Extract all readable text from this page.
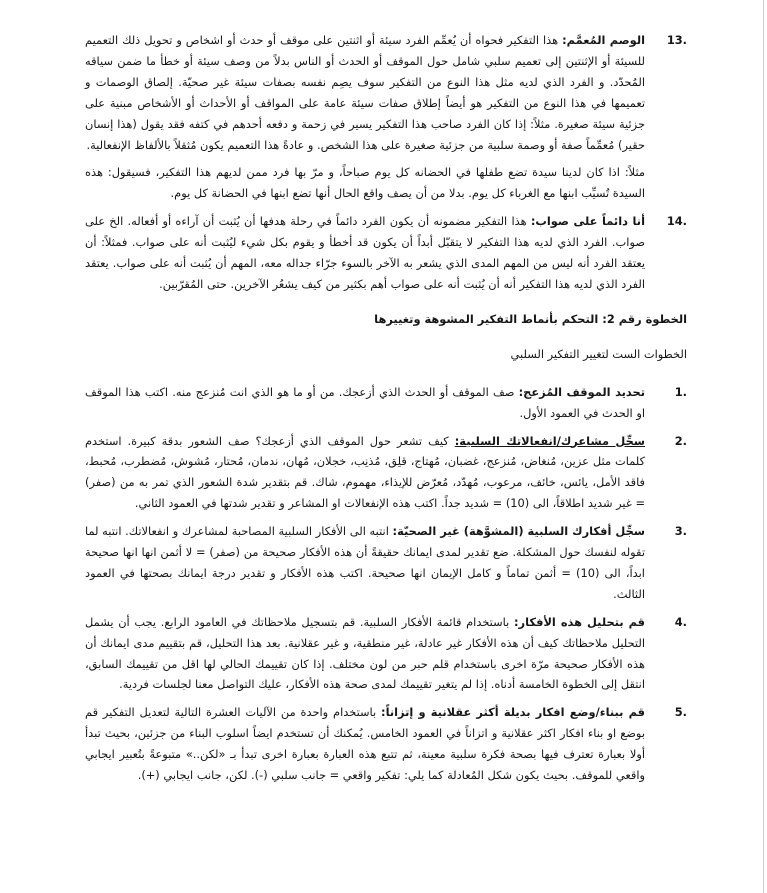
13.
الوصم المُعمَّم: هذا التفكير فحواه أن يُعمِّم الفرد سيئة أو اثنتين على موقف أو حدث أو اشخاص و تحويل ذلك التعميم للسيئة أو الإثنتين إلى تعميم سلبي شامل حول الموقف أو الحدث أو الناس بدلاً من وصف سيئة أو خطأ ما ضمن سياقه المُحدّد. و الفرد الذي لديه مثل هذا النوع من التفكير سوف يصِم نفسه بصفات سيئة غير صحيّة. إلصاق الوصمات و تعميمها في هذا النوع من التفكير هو أيضاً إطلاق صفات سيئة عامة على المواقف أو الأحداث أو الأشخاص مبنية على جزئية سيئة صغيرة. مثلاً: إذا كان الفرد صاحب هذا التفكير يسير في زحمة و دفعه أحدهم في كتفه فقد يقول (هذا إنسان حقير) مُعمِّماً صفة أو وصمة سلبية من جزئية صغيرة على هذا الشخص. و عادةً هذا التعميم يكون مُثقلاً بالألفاظ الإنفعالية.
مثلاً: اذا كان لدينا سيدة تضع طفلها في الحضانه كل يوم صباحاً، و مرّ بها فرد ممن لديهم هذا التفكير، فسيقول: هذه السيدة تُسيِّب ابنها مع الغرباء كل يوم. بدلا من أن يصف واقع الحال أنها تضع ابنها في الحضانة كل يوم.
14.
أنا دائماً على صواب: هذا التفكير مضمونه أن يكون الفرد دائماً في رحلة هدفها أن يُثبت أن آراءه أو أفعاله. الخ على صواب. الفرد الذي لديه هذا التفكير لا يتقبّل أبداً أن يكون قد أخطأ و يقوم بكل شيء ليُثبت أنه على صواب. فمثلاً: أن يعتقد الفرد أنه ليس من المهم المدى الذي يشعر به الآخر بالسوء جرّاء جداله معه، المهم أن يُثبت أنه على صواب. يعتقد الفرد الذي لديه هذا التفكير أنه أن يُثبت أنه على صواب أهم بكثير من كيف يشعُر الآخرين. حتى المُقرّبين.
الخطوة رقم 2: التحكم بأنماط التفكير المشوهة وتغييرها
الخطوات الست لتغيير التفكير السلبي
1.
تحديد الموقف المُزعج: صف الموقف أو الحدث الذي أزعجك. من أو ما هو الذي انت مُنزعج منه. اكتب هذا الموقف او الحدث في العمود الأول.
2.
سجِّل مشاعرك/انفعالاتك السلبية: كيف تشعر حول الموقف الذي أزعجك؟ صف الشعور بدقة كبيرة. استخدم كلمات مثل عزين، مُنغاض، مُنزعج، غضبان، مُهتاج، قلِق، مُذنِب، خجلان، مُهان، ندمان، مُحتار، مُشوش، مُضطرب، مُحبط، فاقد الأمل، يائس، خائف، مرعوب، مُهدّد، مُعرّض للإيذاء، مهموم، شاك. قم بتقدير شدة الشعور الذي تمر به من (صفر) = غير شديد اطلاقاً، الى (10) = شديد جداً. اكتب هذه الإنفعالات او المشاعر و تقدير شدتها في العمود الثاني.
3.
سجِّل أفكارك السلبية (المشوَّهة) غير الصحيّة: انتبه الى الأفكار السلبية المصاحبة لمشاعرك و انفعالاتك. انتبه لما تقوله لنفسك حول المشكلة. ضع تقدير لمدى ايمانك حقيقةً أن هذه الأفكار صحيحة من (صفر) = لا أثمن انها انها صحيحة ابداً، الى (10) = أثمن تماماً و كامل الإيمان انها صحيحة. اكتب هذه الأفكار و تقدير درجة ايمانك بصحتها في العمود الثالث.
4.
قم بتحليل هذه الأفكار: باستخدام قائمة الأفكار السلبية. قم بتسجيل ملاحظاتك في العامود الرابع. يجب أن يشمل التحليل ملاحظاتك كيف أن هذه الأفكار غير عادلة، غير منطقية، و غير عقلانية. بعد هذا التحليل، قم بتقييم مدى ايمانك أن هذه الأفكار صحيحة مرّة اخرى باستخدام قلم حبر من لون مختلف. إذا كان تقييمك الحالي لها اقل من تقييمك السابق، انتقل إلى الخطوة الخامسة أدناه. إذا لم يتغير تقييمك لمدى صحة هذه الأفكار، عليك التواصل معنا لجلسات فردية.
5.
قم ببناء/وضع افكار بديلة أكثر عقلانية و إتزاناً: باستخدام واحدة من الآليات العشرة التالية لتعديل التفكير قم بوضع او بناء افكار اكثر عقلانية و اتزاناً في العمود الخامس. يُمكنك أن تستخدم ايضاً اسلوب البناء من جزئين، بحيث تبدأ أولا بعبارة تعترف فيها بصحة فكرة سلبية معينة، ثم تتبع هذه العبارة بعبارة اخرى تبدأ بـ «لكن..» متبوعةً بتُعبير ايجابي واقعي للموقف. بحيث يكون شكل المُعادلة كما يلي: تفكير واقعي = جانب سلبي (-). لكن، جانب ايجابي (+).
